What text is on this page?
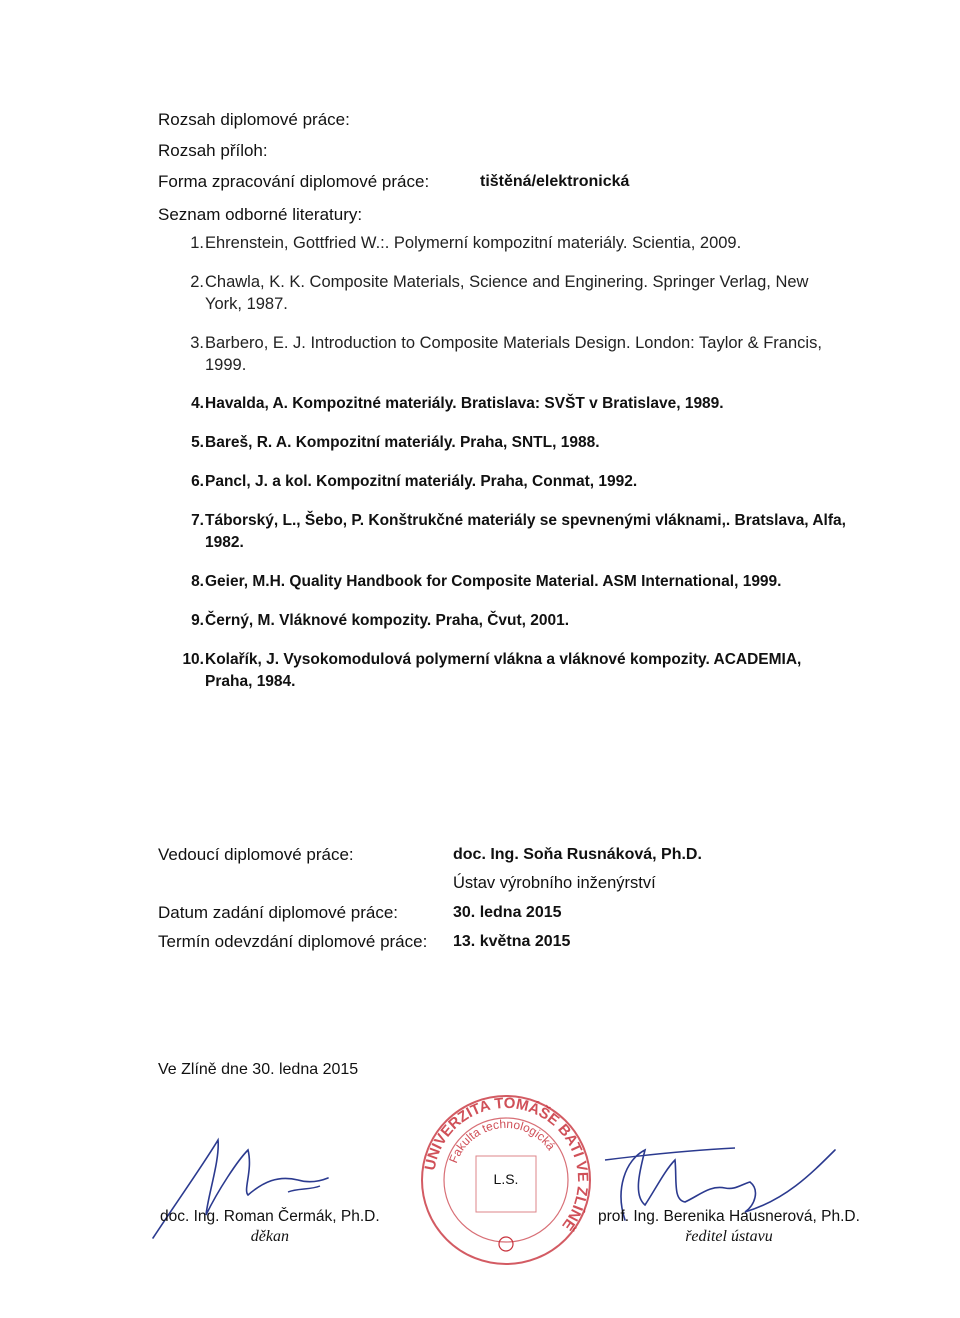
Rozsah diplomové práce:
Rozsah příloh:
Forma zpracování diplomové práce:	tištěná/elektronická
Seznam odborné literatury:
1. Ehrenstein, Gottfried W.:. Polymerní kompozitní materiály. Scientia, 2009.
2. Chawla, K. K. Composite Materials, Science and Enginering. Springer Verlag, New York, 1987.
3. Barbero, E. J. Introduction to Composite Materials Design. London: Taylor & Francis, 1999.
4. Havalda, A. Kompozitné materiály. Bratislava: SVŠT v Bratislave, 1989.
5. Bareš, R. A. Kompozitní materiály. Praha, SNTL, 1988.
6. Pancl, J. a kol. Kompozitní materiály. Praha, Conmat, 1992.
7. Táborský, L., Šebo, P. Konštrukčné materiály se spevnenými vláknami,. Bratslava, Alfa, 1982.
8. Geier, M.H. Quality Handbook for Composite Material. ASM International, 1999.
9. Černý, M. Vláknové kompozity. Praha, Čvut, 2001.
10. Kolařík, J. Vysokomodulová polymerní vlákna a vláknové kompozity. ACADEMIA, Praha, 1984.
Vedoucí diplomové práce:	doc. Ing. Soňa Rusnáková, Ph.D.
Ústav výrobního inženýrství
Datum zadání diplomové práce:	30. ledna 2015
Termín odevzdání diplomové práce:	13. května 2015
Ve Zlíně dne 30. ledna 2015
UNIVERZITA TOMÁŠE BATI VE ZLÍNĚ
Fakulta technologická
L.S.
doc. Ing. Roman Čermák, Ph.D.
děkan
prof. Ing. Berenika Hausnerová, Ph.D.
ředitel ústavu
